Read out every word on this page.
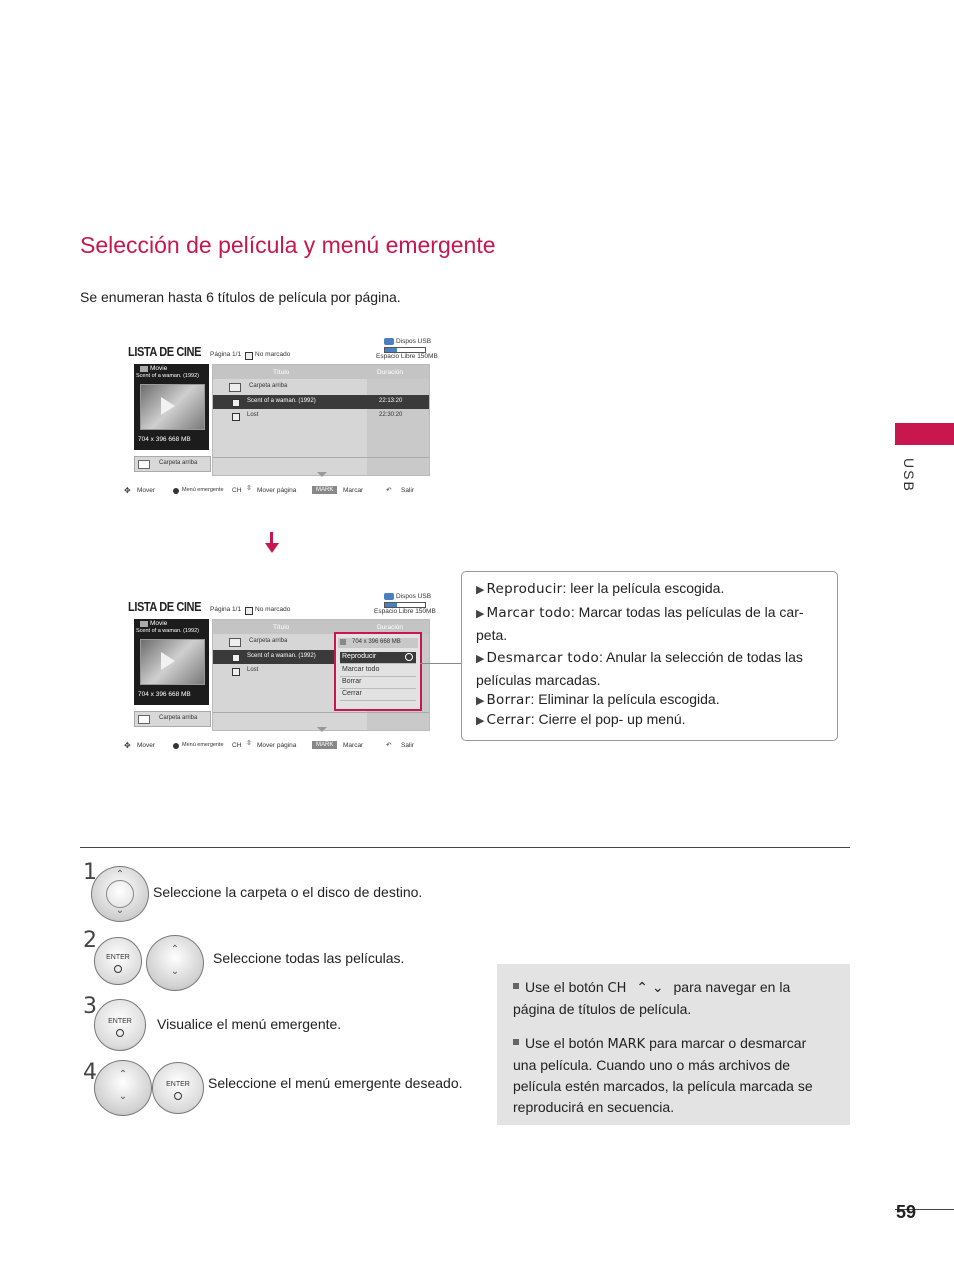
Selección de película y menú emergente
Se enumeran hasta 6 títulos de película por página.
USB
LISTA DE CINE Página 1/1 No marcado
Dispos USB
Espacio Libre 150MB
Movie
Scent of a waman. (1992)
704 x 396 668 MB
Carpeta arriba
Título	Duración
Carpeta arriba
Scent of a waman. (1992)	22:13:20
Lost	22:30:20
✥ Mover	Menú emergente CH ⇳ Mover página	MARK	Marcar	↶ Salir
LISTA DE CINE Página 1/1 No marcado
Dispos USB
Espacio Libre 150MB
Movie
Scent of a waman. (1992)
704 x 396 668 MB
Carpeta arriba
Título	Duración
Carpeta arriba
Scent of a waman. (1992)
Lost
704 x 396 668 MB
Reproducir
Marcar todo
Borrar
Cerrar
✥ Mover	Menú emergente CH ⇳ Mover página	MARK	Marcar	↶ Salir
▶ Reproducir: leer la película escogida.
▶ Marcar todo: Marcar todas las películas de la car-peta.
▶ Desmarcar todo: Anular la selección de todas las películas marcadas.
▶ Borrar: Eliminar la película escogida.
▶ Cerrar: Cierre el pop- up menú.
1	⌃
⌄
Seleccione la carpeta o el disco de destino.
2
ENTER
⌃
⌄
Seleccione todas las películas.
3
ENTER	Visualice el menú emergente.
4	⌃
⌄
ENTER	Seleccione el menú emergente deseado.
Use el botón CH ⌃ ⌄ para navegar en la página de títulos de película.
Use el botón MARK para marcar o desmarcar una película. Cuando uno o más archivos de película estén marcados, la película marcada se reproducirá en secuencia.
59
